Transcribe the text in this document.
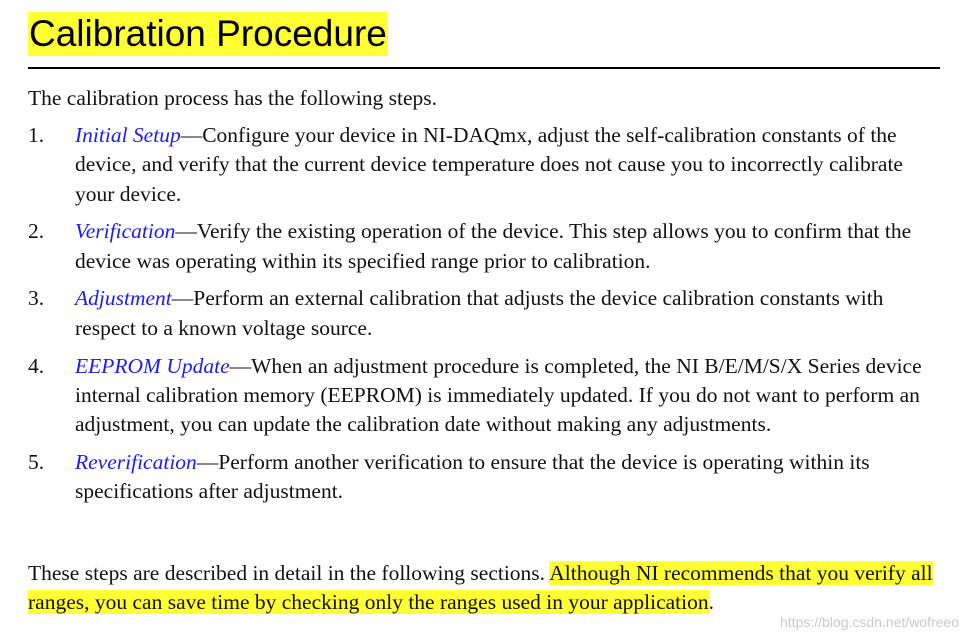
Calibration Procedure
The calibration process has the following steps.
1. Initial Setup—Configure your device in NI-DAQmx, adjust the self-calibration constants of the device, and verify that the current device temperature does not cause you to incorrectly calibrate your device.
2. Verification—Verify the existing operation of the device. This step allows you to confirm that the device was operating within its specified range prior to calibration.
3. Adjustment—Perform an external calibration that adjusts the device calibration constants with respect to a known voltage source.
4. EEPROM Update—When an adjustment procedure is completed, the NI B/E/M/S/X Series device internal calibration memory (EEPROM) is immediately updated. If you do not want to perform an adjustment, you can update the calibration date without making any adjustments.
5. Reverification—Perform another verification to ensure that the device is operating within its specifications after adjustment.
These steps are described in detail in the following sections. Although NI recommends that you verify all ranges, you can save time by checking only the ranges used in your application.
https://blog.csdn.net/wofreeo
